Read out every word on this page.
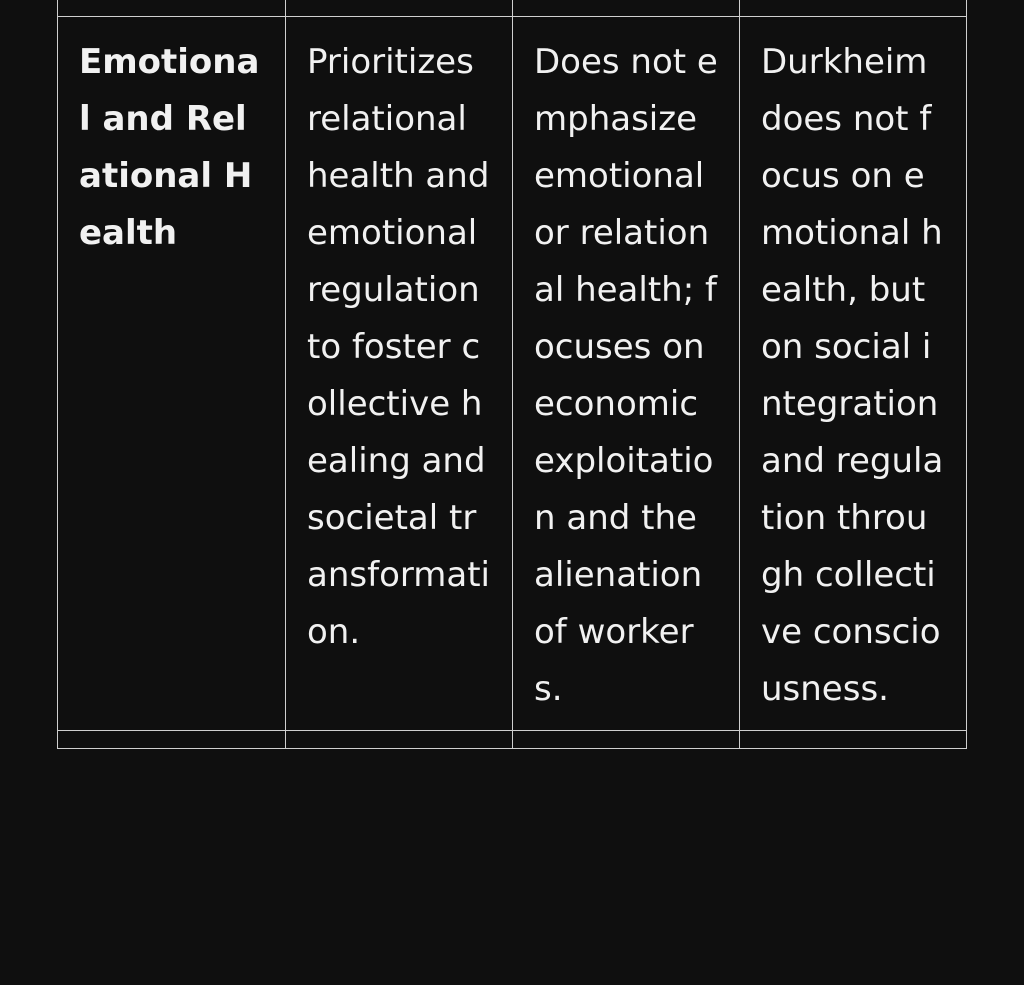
Emotional and Relational Health	Prioritizes relational health and emotional regulation to foster collective healing and societal transformation.	Does not emphasize emotional or relational health; focuses on economic exploitation and the alienation of workers.	Durkheim does not focus on emotional health, but on social integration and regulation through collective consciousness.
